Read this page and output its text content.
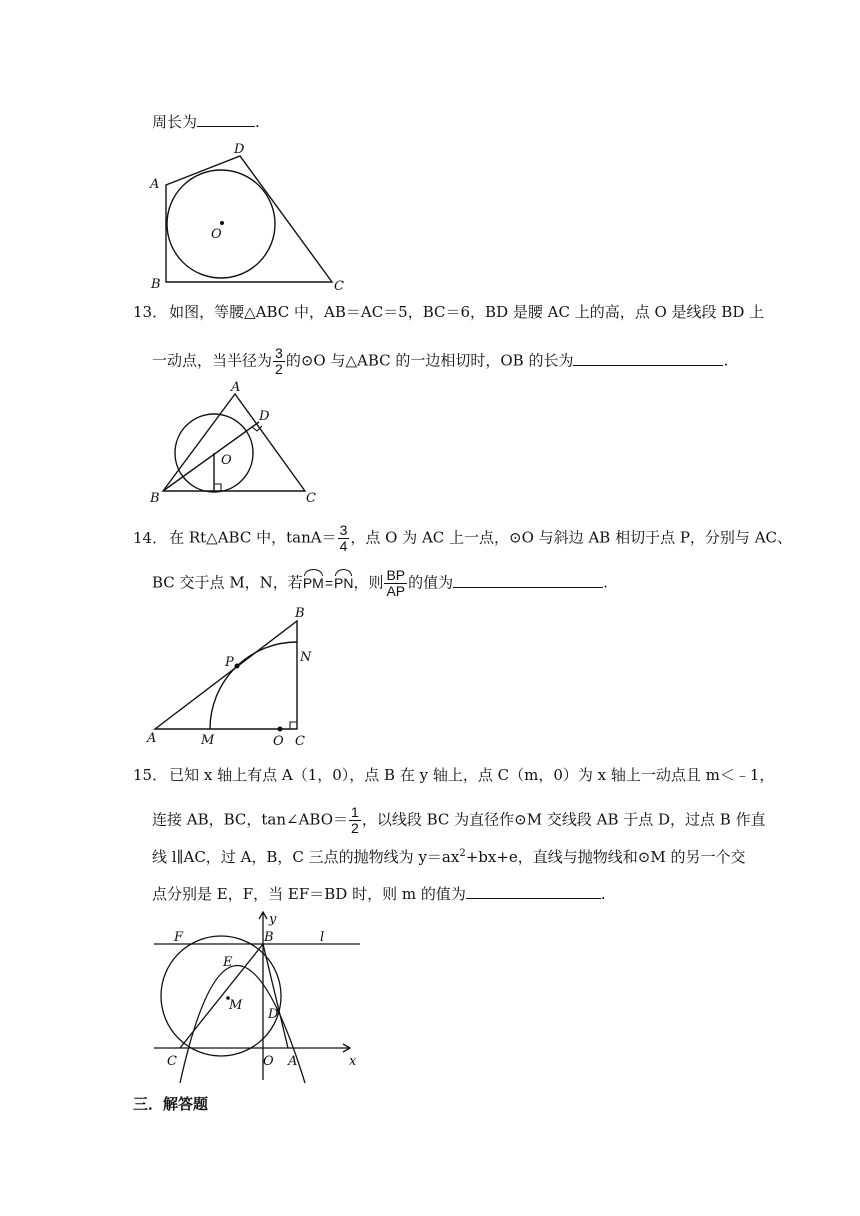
周长为	.
A
B	C
D
O
13． 如图，等腰△ABC 中，AB＝AC＝5，BC＝6，BD 是腰 AC 上的高，点 O 是线段 BD 上
一动点，当半径为 $\frac{3}{2}$ 的⊙O 与△ABC 的一边相切时，OB 的长为	.
A
B	C
D
O
14． 在 Rt△ABC 中，$\tan A= \frac{3}{4}$ ，点 O 为 AC 上一点，⊙O 与斜边 AB 相切于点 P，分别与 AC、
BC 交于点 M，N，若PM=PN，则 $\frac{BP}{AP}$ 的值为	.
A
B
C
M
N
O
P
15． 已知 x 轴上有点 A（1，0），点 B 在 y 轴上，点 C（m，0）为 x 轴上一动点且 m＜﹣1，
连接 AB，BC，tan∠ABO＝ $\frac{1}{2}$ ，以线段 BC 为直径作⊙M 交线段 AB 于点 D，过点 B 作直
线 l∥AC，过 A，B，C 三点的抛物线为 $y=ax^2+bx+e$，直线与抛物线和⊙M 的另一个交
点分别是 E，F，当 EF＝BD 时，则 m 的值为	.
F	B	l
y
E
M
D
C	O A	x
三．解答题
